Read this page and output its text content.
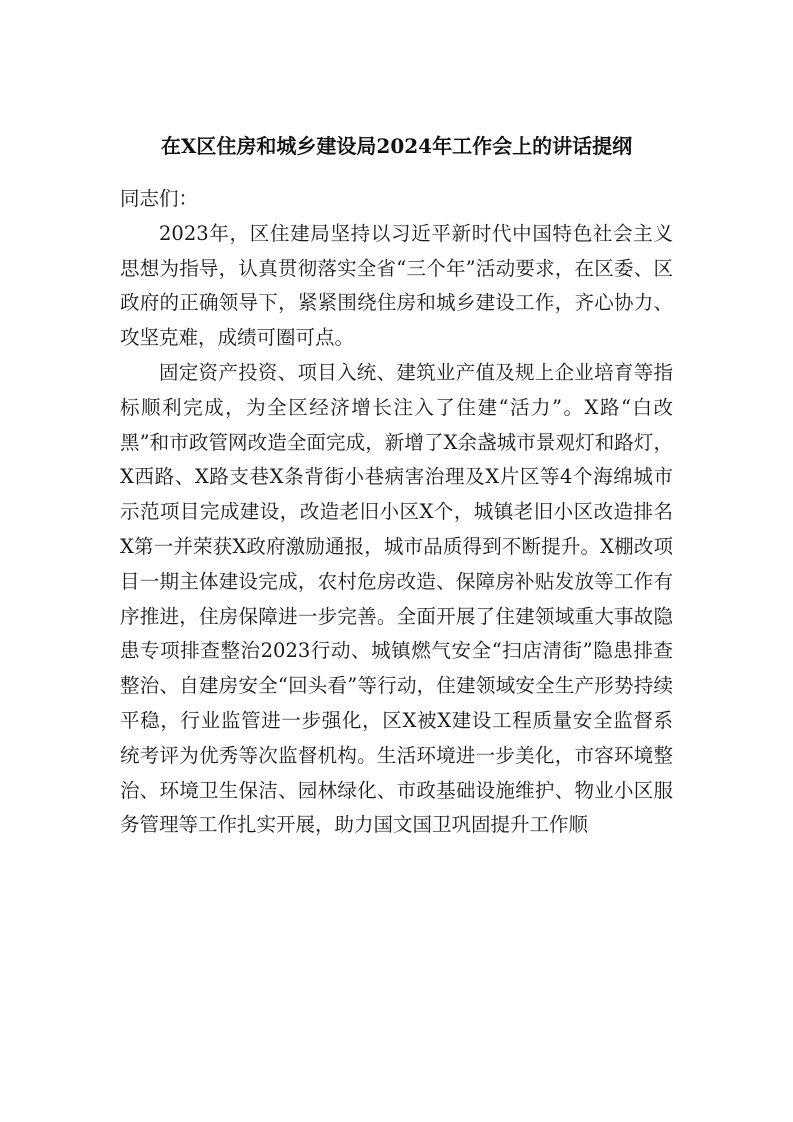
在X区住房和城乡建设局2024年工作会上的讲话提纲

同志们：

2023年，区住建局坚持以习近平新时代中国特色社会主义思想为指导，认真贯彻落实全省“三个年”活动要求，在区委、区政府的正确领导下，紧紧围绕住房和城乡建设工作，齐心协力、攻坚克难，成绩可圈可点。

固定资产投资、项目入统、建筑业产值及规上企业培育等指标顺利完成，为全区经济增长注入了住建“活力”。X路“白改黑”和市政管网改造全面完成，新增了X余盏城市景观灯和路灯，X西路、X路支巷X条背街小巷病害治理及X片区等4个海绵城市示范项目完成建设，改造老旧小区X个，城镇老旧小区改造排名X第一并荣获X政府激励通报，城市品质得到不断提升。X棚改项目一期主体建设完成，农村危房改造、保障房补贴发放等工作有序推进，住房保障进一步完善。全面开展了住建领域重大事故隐患专项排查整治2023行动、城镇燃气安全“扫店清街”隐患排查整治、自建房安全“回头看”等行动，住建领域安全生产形势持续平稳，行业监管进一步强化，区X被X建设工程质量安全监督系统考评为优秀等次监督机构。生活环境进一步美化，市容环境整治、环境卫生保洁、园林绿化、市政基础设施维护、物业小区服务管理等工作扎实开展，助力国文国卫巩固提升工作顺
